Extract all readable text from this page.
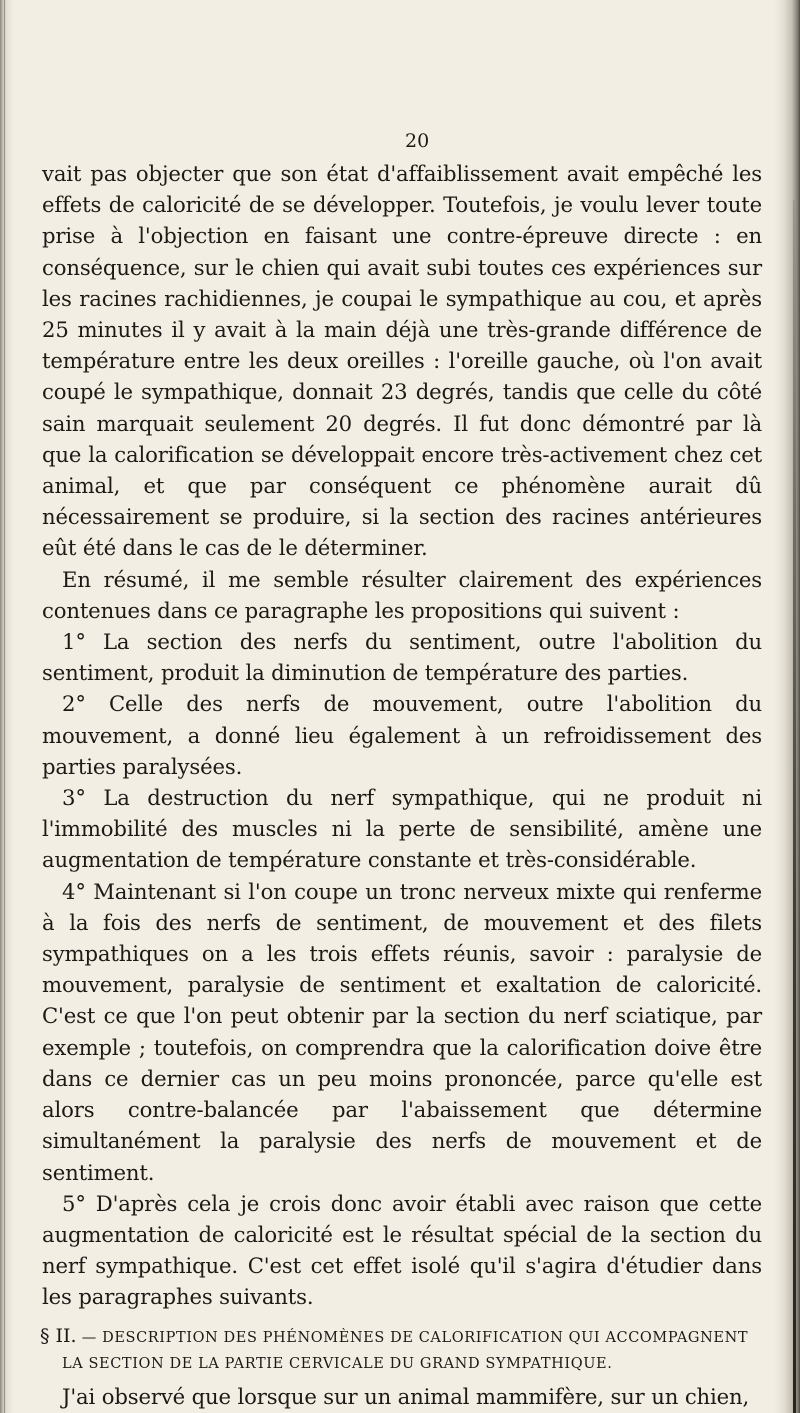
20

vait pas objecter que son état d'affaiblissement avait empêché les effets de caloricité de se développer. Toutefois, je voulu lever toute prise à l'objection en faisant une contre-épreuve directe : en conséquence, sur le chien qui avait subi toutes ces expériences sur les racines rachidiennes, je coupai le sympathique au cou, et après 25 minutes il y avait à la main déjà une très-grande différence de température entre les deux oreilles : l'oreille gauche, où l'on avait coupé le sympathique, donnait 23 degrés, tandis que celle du côté sain marquait seulement 20 degrés. Il fut donc démontré par là que la calorification se développait encore très-activement chez cet animal, et que par conséquent ce phénomène aurait dû nécessairement se produire, si la section des racines antérieures eût été dans le cas de le déterminer.

En résumé, il me semble résulter clairement des expériences contenues dans ce paragraphe les propositions qui suivent :

1° La section des nerfs du sentiment, outre l'abolition du sentiment, produit la diminution de température des parties.

2° Celle des nerfs de mouvement, outre l'abolition du mouvement, a donné lieu également à un refroidissement des parties paralysées.

3° La destruction du nerf sympathique, qui ne produit ni l'immobilité des muscles ni la perte de sensibilité, amène une augmentation de température constante et très-considérable.

4° Maintenant si l'on coupe un tronc nerveux mixte qui renferme à la fois des nerfs de sentiment, de mouvement et des filets sympathiques on a les trois effets réunis, savoir : paralysie de mouvement, paralysie de sentiment et exaltation de caloricité. C'est ce que l'on peut obtenir par la section du nerf sciatique, par exemple ; toutefois, on comprendra que la calorification doive être dans ce dernier cas un peu moins prononcée, parce qu'elle est alors contre-balancée par l'abaissement que détermine simultanément la paralysie des nerfs de mouvement et de sentiment.

5° D'après cela je crois donc avoir établi avec raison que cette augmentation de caloricité est le résultat spécial de la section du nerf sympathique. C'est cet effet isolé qu'il s'agira d'étudier dans les paragraphes suivants.

§ II. — DESCRIPTION DES PHÉNOMÈNES DE CALORIFICATION QUI ACCOMPAGNENT LA SECTION DE LA PARTIE CERVICALE DU GRAND SYMPATHIQUE.

J'ai observé que lorsque sur un animal mammifère, sur un chien,
